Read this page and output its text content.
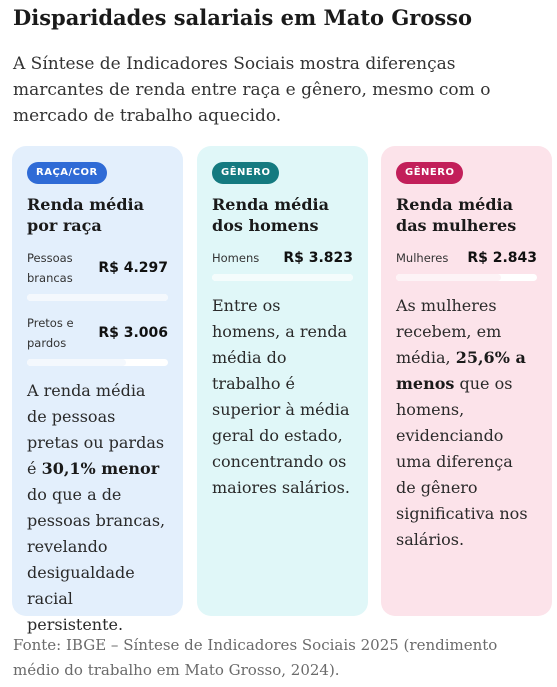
Disparidades salariais em Mato Grosso
A Síntese de Indicadores Sociais mostra diferenças marcantes de renda entre raça e gênero, mesmo com o mercado de trabalho aquecido.
RAÇA/COR
Renda média por raça
Pessoas brancas
R$ 4.297
Pretos e pardos
R$ 3.006
A renda média de pessoas pretas ou pardas é 30,1% menor do que a de pessoas brancas, revelando desigualdade racial persistente.
GÊNERO
Renda média dos homens
Homens R$ 3.823
Entre os homens, a renda média do trabalho é superior à média geral do estado, concentrando os maiores salários.
GÊNERO
Renda média das mulheres
Mulheres R$ 2.843
As mulheres recebem, em média, 25,6% a menos que os homens, evidenciando uma diferença de gênero significativa nos salários.
Fonte: IBGE – Síntese de Indicadores Sociais 2025 (rendimento médio do trabalho em Mato Grosso, 2024).
